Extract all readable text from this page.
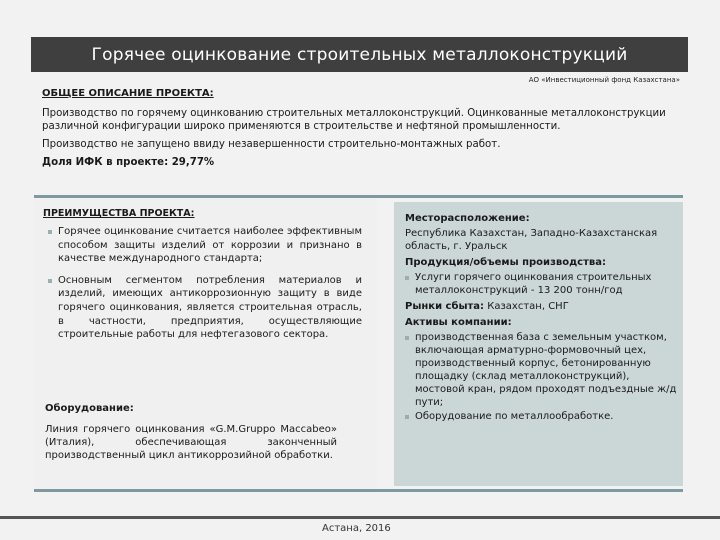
Горячее оцинкование строительных металлоконструкций
АО «Инвестиционный фонд Казахстана»
ОБЩЕЕ ОПИСАНИЕ ПРОЕКТА:

Производство по горячему оцинкованию строительных металлоконструкций. Оцинкованные металлоконструкции различной конфигурации широко применяются в строительстве и нефтяной промышленности.

Производство не запущено ввиду незавершенности строительно-монтажных работ.

Доля ИФК в проекте: 29,77%

ПРЕИМУЩЕСТВА ПРОЕКТА:
Горячее оцинкование считается наиболее эффективным способом защиты изделий от коррозии и признано в качестве международного стандарта;
Основным сегментом потребления материалов и изделий, имеющих антикоррозионную защиту в виде горячего оцинкования, является строительная отрасль, в частности, предприятия, осуществляющие строительные работы для нефтегазового сектора.
Оборудование:
Линия горячего оцинкования «G.M.Gruppo Maccabeo» (Италия), обеспечивающая законченный производственный цикл антикоррозийной обработки.
Месторасположение:
Республика Казахстан, Западно-Казахстанская область, г. Уральск
Продукция/объемы производства:
Услуги горячего оцинкования строительных металлоконструкций - 13 200 тонн/год
Рынки сбыта: Казахстан, СНГ
Активы компании:
производственная база с земельным участком, включающая арматурно-формовочный цех, производственный корпус, бетонированную площадку (склад металлоконструкций), мостовой кран, рядом проходят подъездные ж/д пути;
Оборудование по металлообработке.
Астана, 2016
